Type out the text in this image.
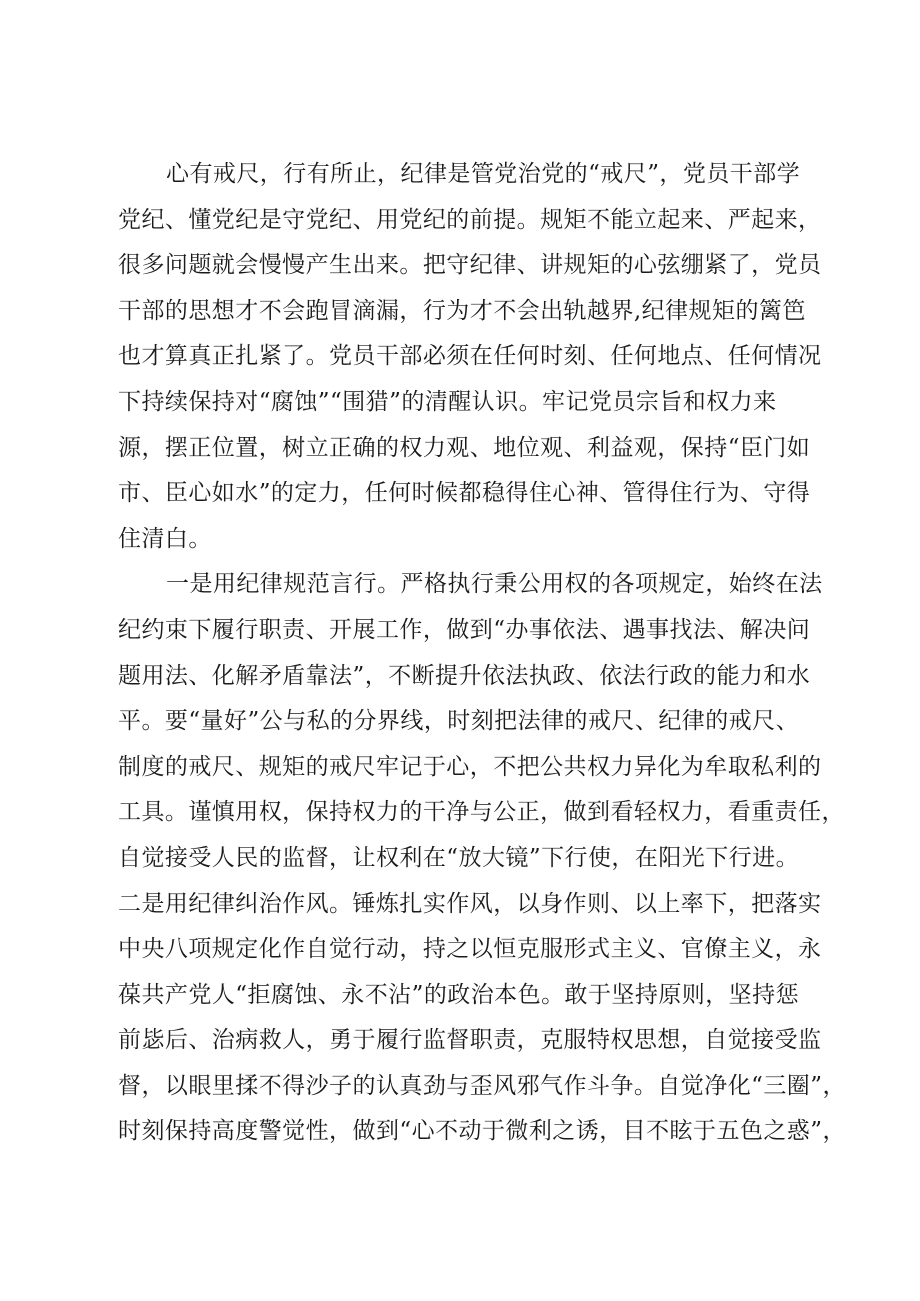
心有戒尺，行有所止，纪律是管党治党的“戒尺”，党员干部学
党纪、懂党纪是守党纪、用党纪的前提。规矩不能立起来、严起来，
很多问题就会慢慢产生出来。把守纪律、讲规矩的心弦绷紧了，党员
干部的思想才不会跑冒滴漏，行为才不会出轨越界,纪律规矩的篱笆
也才算真正扎紧了。党员干部必须在任何时刻、任何地点、任何情况
下持续保持对“腐蚀”“围猎”的清醒认识。牢记党员宗旨和权力来
源，摆正位置，树立正确的权力观、地位观、利益观，保持“臣门如
市、臣心如水”的定力，任何时候都稳得住心神、管得住行为、守得
住清白。
一是用纪律规范言行。严格执行秉公用权的各项规定，始终在法
纪约束下履行职责、开展工作，做到“办事依法、遇事找法、解决问
题用法、化解矛盾靠法”，不断提升依法执政、依法行政的能力和水
平。要“量好”公与私的分界线，时刻把法律的戒尺、纪律的戒尺、
制度的戒尺、规矩的戒尺牢记于心，不把公共权力异化为牟取私利的
工具。谨慎用权，保持权力的干净与公正，做到看轻权力，看重责任，
自觉接受人民的监督，让权利在“放大镜”下行使，在阳光下行进。
二是用纪律纠治作风。锤炼扎实作风，以身作则、以上率下，把落实
中央八项规定化作自觉行动，持之以恒克服形式主义、官僚主义，永
葆共产党人“拒腐蚀、永不沾”的政治本色。敢于坚持原则，坚持惩
前毖后、治病救人，勇于履行监督职责，克服特权思想，自觉接受监
督，以眼里揉不得沙子的认真劲与歪风邪气作斗争。自觉净化“三圈”，
时刻保持高度警觉性，做到“心不动于微利之诱，目不眩于五色之惑”，
